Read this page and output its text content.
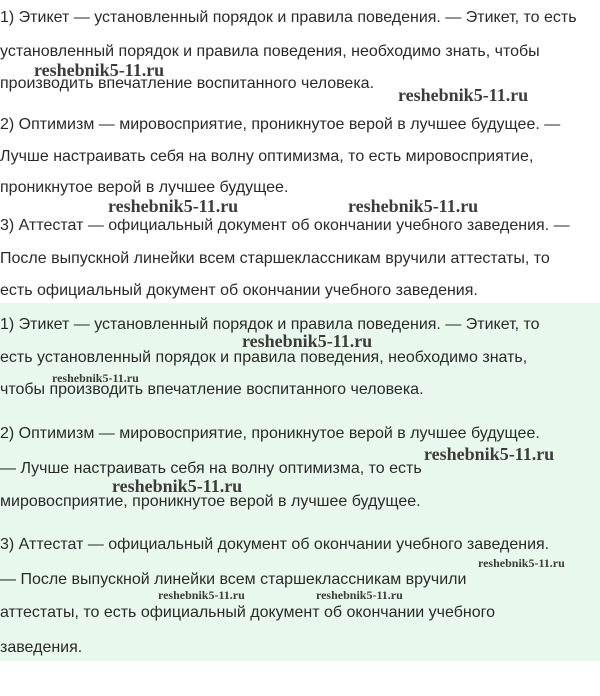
1) Этикет — установленный порядок и правила поведения. — Этикет, то есть
установленный порядок и правила поведения, необходимо знать, чтобы
производить впечатление воспитанного человека.
2) Оптимизм — мировосприятие, проникнутое верой в лучшее будущее. —
Лучше настраивать себя на волну оптимизма, то есть мировосприятие,
проникнутое верой в лучшее будущее.
3) Аттестат — официальный документ об окончании учебного заведения. —
После выпускной линейки всем старшеклассникам вручили аттестаты, то
есть официальный документ об окончании учебного заведения.
1) Этикет — установленный порядок и правила поведения. — Этикет, то
есть установленный порядок и правила поведения, необходимо знать,
чтобы производить впечатление воспитанного человека.
2) Оптимизм — мировосприятие, проникнутое верой в лучшее будущее.
— Лучше настраивать себя на волну оптимизма, то есть
мировосприятие, проникнутое верой в лучшее будущее.
3) Аттестат — официальный документ об окончании учебного заведения.
— После выпускной линейки всем старшеклассникам вручили
аттестаты, то есть официальный документ об окончании учебного
заведения.
reshebnik5-11.ru
reshebnik5-11.ru
reshebnik5-11.ru	reshebnik5-11.ru
reshebnik5-11.ru
reshebnik5-11.ru
reshebnik5-11.ru
reshebnik5-11.ru
reshebnik5-11.ru
reshebnik5-11.ru	reshebnik5-11.ru
